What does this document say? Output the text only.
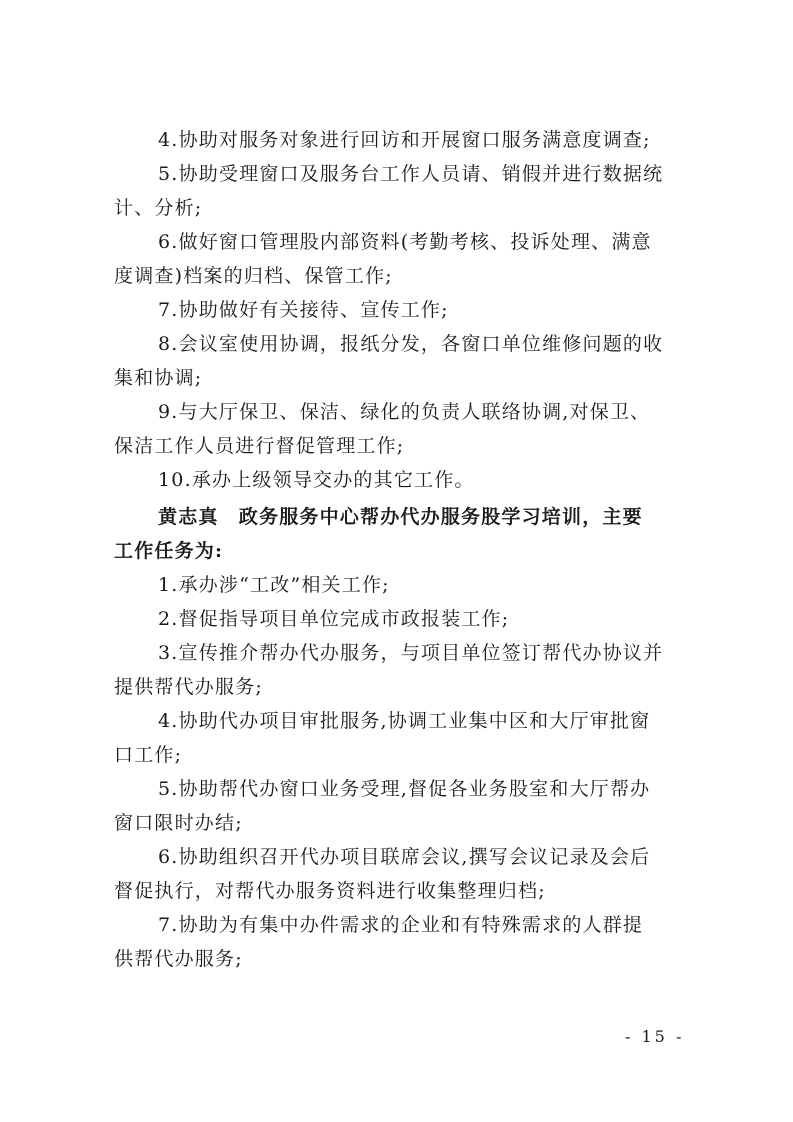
4.协助对服务对象进行回访和开展窗口服务满意度调查;
5.协助受理窗口及服务台工作人员请、销假并进行数据统
计、分析;
6.做好窗口管理股内部资料(考勤考核、投诉处理、满意
度调查)档案的归档、保管工作;
7.协助做好有关接待、宣传工作;
8.会议室使用协调，报纸分发，各窗口单位维修问题的收
集和协调;
9.与大厅保卫、保洁、绿化的负责人联络协调,对保卫、
保洁工作人员进行督促管理工作;
10.承办上级领导交办的其它工作。
黄志真　政务服务中心帮办代办服务股学习培训，主要
工作任务为:
1.承办涉“工改”相关工作;
2.督促指导项目单位完成市政报装工作;
3.宣传推介帮办代办服务，与项目单位签订帮代办协议并
提供帮代办服务;
4.协助代办项目审批服务,协调工业集中区和大厅审批窗
口工作;
5.协助帮代办窗口业务受理,督促各业务股室和大厅帮办
窗口限时办结;
6.协助组织召开代办项目联席会议,撰写会议记录及会后
督促执行，对帮代办服务资料进行收集整理归档;
7.协助为有集中办件需求的企业和有特殊需求的人群提
供帮代办服务;
- 15 -
